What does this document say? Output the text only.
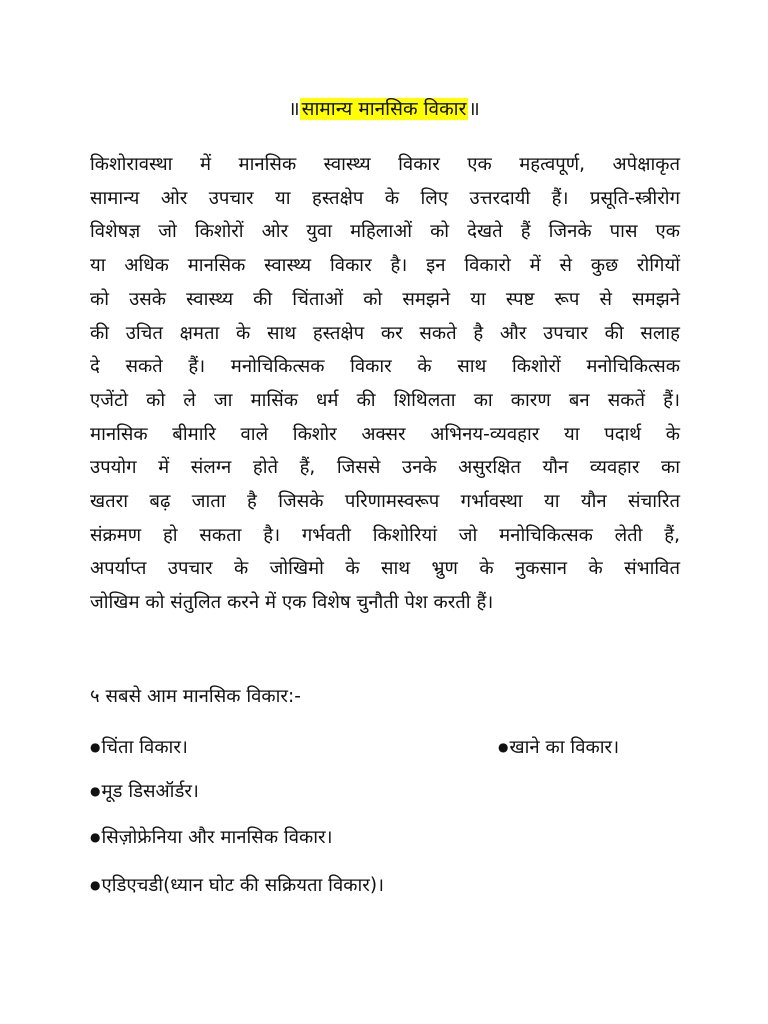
॥ सामान्य मानसिक विकार ॥
किशोरावस्था में मानसिक स्वास्थ्य विकार एक महत्वपूर्ण, अपेक्षाकृत
सामान्य ओर उपचार या हस्तक्षेप के लिए उत्तरदायी हैं। प्रसूति-स्त्रीरोग
विशेषज्ञ जो किशोरों ओर युवा महिलाओं को देखते हैं जिनके पास एक
या अधिक मानसिक स्वास्थ्य विकार है। इन विकारो में से कुछ रोगियों
को उसके स्वास्थ्य की चिंताओं को समझने या स्पष्ट रूप से समझने
की उचित क्षमता के साथ हस्तक्षेप कर सकते है और उपचार की सलाह
दे सकते हैं। मनोचिकित्सक विकार के साथ किशोरों मनोचिकित्सक
एजेंटो को ले जा मासिंक धर्म की शिथिलता का कारण बन सकतें हैं।
मानसिक बीमारि वाले किशोर अक्सर अभिनय-व्यवहार या पदार्थ के
उपयोग में संलग्न होते हैं, जिससे उनके असुरक्षित यौन व्यवहार का
खतरा बढ़ जाता है जिसके परिणामस्वरूप गर्भावस्था या यौन संचारित
संक्रमण हो सकता है। गर्भवती किशोरियां जो मनोचिकित्सक लेती हैं,
अपर्याप्त उपचार के जोखिमो के साथ भ्रुण के नुकसान के संभावित
जोखिम को संतुलित करने में एक विशेष चुनौती पेश करती हैं।

५ सबसे आम मानसिक विकार:-

●चिंता विकार।	●खाने का विकार।
●मूड डिसऑर्डर।
●सिज़ोफ्रेनिया और मानसिक विकार।
●एडिएचडी(ध्यान घोट की सक्रियता विकार)।
